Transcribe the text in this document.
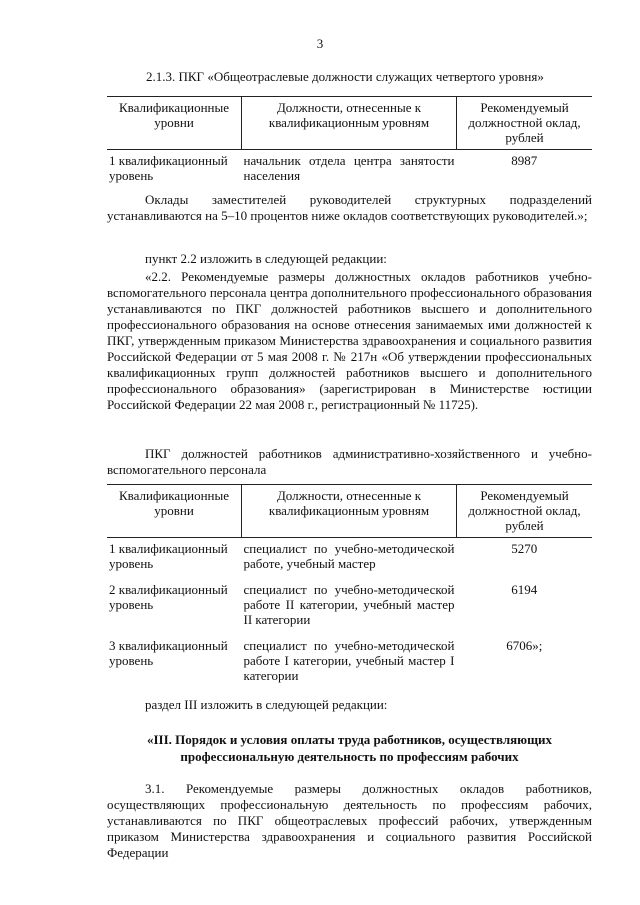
3
2.1.3. ПКГ «Общеотраслевые должности служащих четвертого уровня»
Квалификационные уровни	Должности, отнесенные к квалификационным уровням	Рекомендуемый должностной оклад, рублей
1 квалификационный уровень	начальник отдела центра занятости населения	8987

Оклады заместителей руководителей структурных подразделений устанавливаются на 5–10 процентов ниже окладов соответствующих руководителей.»;

пункт 2.2 изложить в следующей редакции:

«2.2. Рекомендуемые размеры должностных окладов работников учебно-вспомогательного персонала центра дополнительного профессионального образования устанавливаются по ПКГ должностей работников высшего и дополнительного профессионального образования на основе отнесения занимаемых ими должностей к ПКГ, утвержденным приказом Министерства здравоохранения и социального развития Российской Федерации от 5 мая 2008 г. № 217н «Об утверждении профессиональных квалификационных групп должностей работников высшего и дополнительного профессионального образования» (зарегистрирован в Министерстве юстиции Российской Федерации 22 мая 2008 г., регистрационный № 11725).

ПКГ должностей работников административно-хозяйственного и учебно-вспомогательного персонала

Квалификационные уровни	Должности, отнесенные к квалификационным уровням	Рекомендуемый должностной оклад, рублей
1 квалификационный уровень	специалист по учебно-методической работе, учебный мастер	5270
2 квалификационный уровень	специалист по учебно-методической работе II категории, учебный мастер II категории	6194
3 квалификационный уровень	специалист по учебно-методической работе I категории, учебный мастер I категории	6706»;
раздел III изложить в следующей редакции:
«III. Порядок и условия оплаты труда работников, осуществляющих профессиональную деятельность по профессиям рабочих

3.1. Рекомендуемые размеры должностных окладов работников, осуществляющих профессиональную деятельность по профессиям рабочих, устанавливаются по ПКГ общеотраслевых профессий рабочих, утвержденным приказом Министерства здравоохранения и социального развития Российской Федерации
